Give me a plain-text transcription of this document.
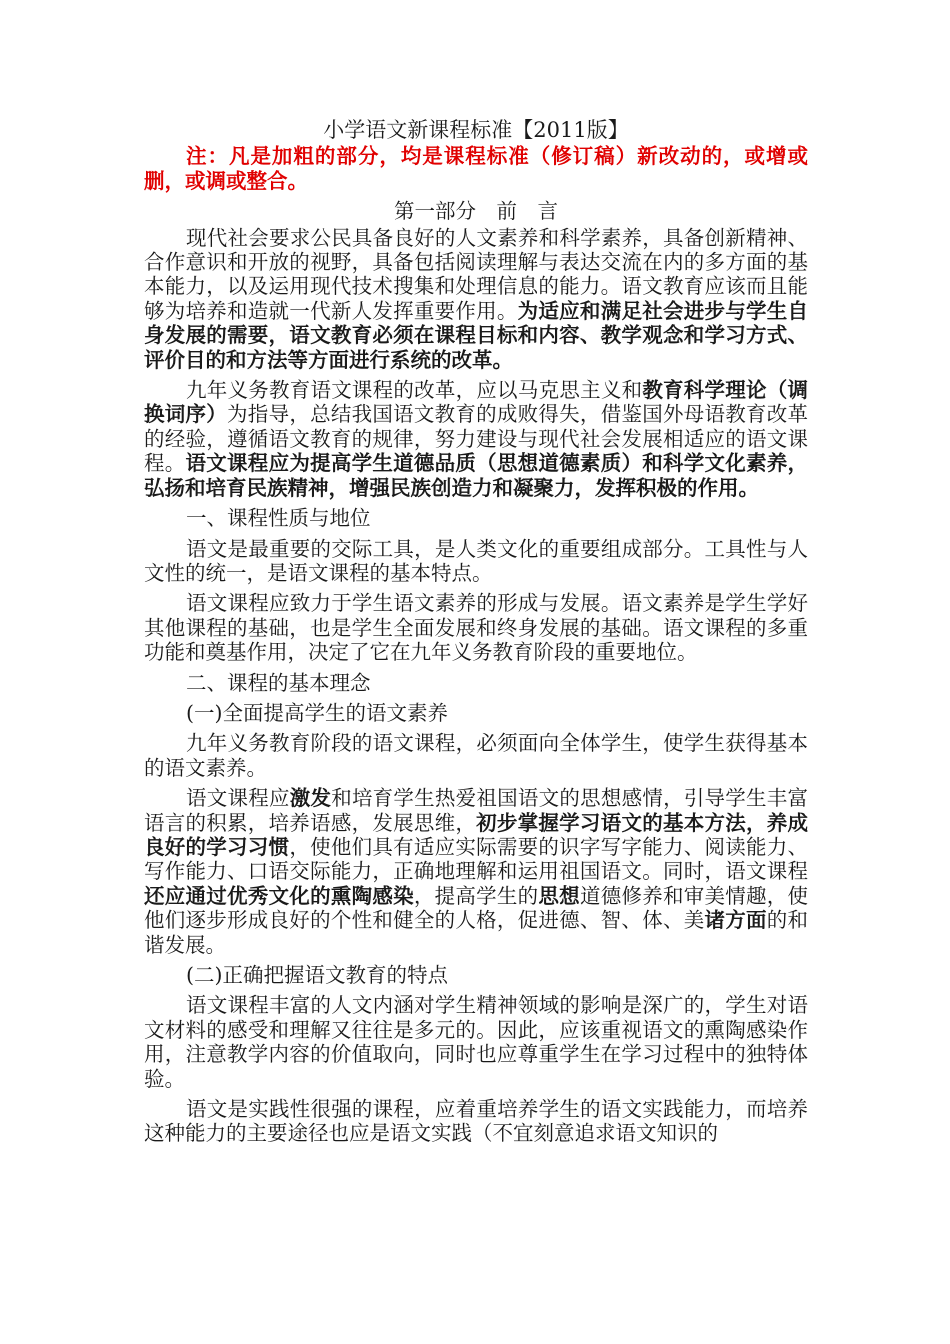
小学语文新课程标准【2011版】
注：凡是加粗的部分，均是课程标准（修订稿）新改动的，或增或删，或调或整合。
第一部分　前　言

现代社会要求公民具备良好的人文素养和科学素养，具备创新精神、合作意识和开放的视野，具备包括阅读理解与表达交流在内的多方面的基本能力，以及运用现代技术搜集和处理信息的能力。语文教育应该而且能够为培养和造就一代新人发挥重要作用。为适应和满足社会进步与学生自身发展的需要，语文教育必须在课程目标和内容、教学观念和学习方式、评价目的和方法等方面进行系统的改革。

九年义务教育语文课程的改革，应以马克思主义和教育科学理论（调换词序）为指导，总结我国语文教育的成败得失，借鉴国外母语教育改革的经验，遵循语文教育的规律，努力建设与现代社会发展相适应的语文课程。语文课程应为提高学生道德品质（思想道德素质）和科学文化素养，弘扬和培育民族精神，增强民族创造力和凝聚力，发挥积极的作用。

一、课程性质与地位

语文是最重要的交际工具，是人类文化的重要组成部分。工具性与人文性的统一，是语文课程的基本特点。

语文课程应致力于学生语文素养的形成与发展。语文素养是学生学好其他课程的基础，也是学生全面发展和终身发展的基础。语文课程的多重功能和奠基作用，决定了它在九年义务教育阶段的重要地位。

二、课程的基本理念

(一)全面提高学生的语文素养

九年义务教育阶段的语文课程，必须面向全体学生，使学生获得基本的语文素养。

语文课程应激发和培育学生热爱祖国语文的思想感情，引导学生丰富语言的积累，培养语感，发展思维，初步掌握学习语文的基本方法，养成良好的学习习惯，使他们具有适应实际需要的识字写字能力、阅读能力、写作能力、口语交际能力，正确地理解和运用祖国语文。同时，语文课程还应通过优秀文化的熏陶感染，提高学生的思想道德修养和审美情趣，使他们逐步形成良好的个性和健全的人格，促进德、智、体、美诸方面的和谐发展。

(二)正确把握语文教育的特点

语文课程丰富的人文内涵对学生精神领域的影响是深广的，学生对语文材料的感受和理解又往往是多元的。因此，应该重视语文的熏陶感染作用，注意教学内容的价值取向，同时也应尊重学生在学习过程中的独特体验。

语文是实践性很强的课程，应着重培养学生的语文实践能力，而培养这种能力的主要途径也应是语文实践（不宜刻意追求语文知识的
